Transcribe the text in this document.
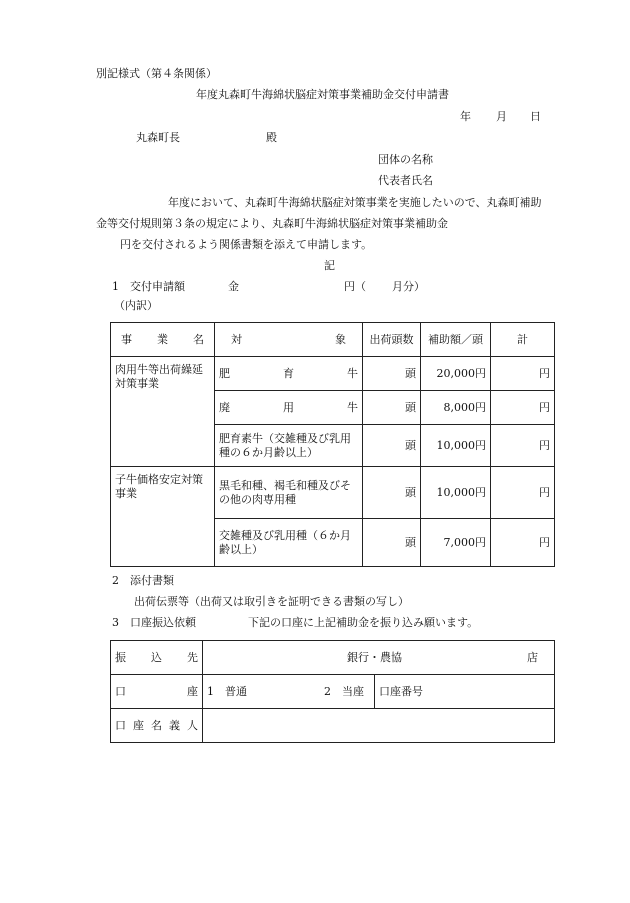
別記様式（第４条関係）
年度丸森町牛海綿状脳症対策事業補助金交付申請書
年 月 日
丸森町長	殿
団体の名称
代表者氏名
年度において、丸森町牛海綿状脳症対策事業を実施したいので、丸森町補助
金等交付規則第３条の規定により、丸森町牛海綿状脳症対策事業補助金
円を交付されるよう関係書類を添えて申請します。
記
1　交付申請額	金	円（ 月分）
（内訳）
事 業 名	対 象	出荷頭数	補助額／頭	計
肉用牛等出荷繰延対策事業	肥 育 牛	頭	20,000円	円

	廃 用 牛	頭	8,000円	円
	肥育素牛（交雑種及び乳用種の６か月齢以上）	頭	10,000円	円
子牛価格安定対策事業	黒毛和種、褐毛和種及びその他の肉専用種	頭	10,000円	円
	交雑種及び乳用種（６か月齢以上）	頭	7,000円	円
2　添付書類
出荷伝票等（出荷又は取引きを証明できる書類の写し）
3　口座振込依頼	下記の口座に上記補助金を振り込み願います。
振 込 先	銀行・農協 店	

口 座	1　普通 2　当座	口座番号

口 座 名 義 人		
